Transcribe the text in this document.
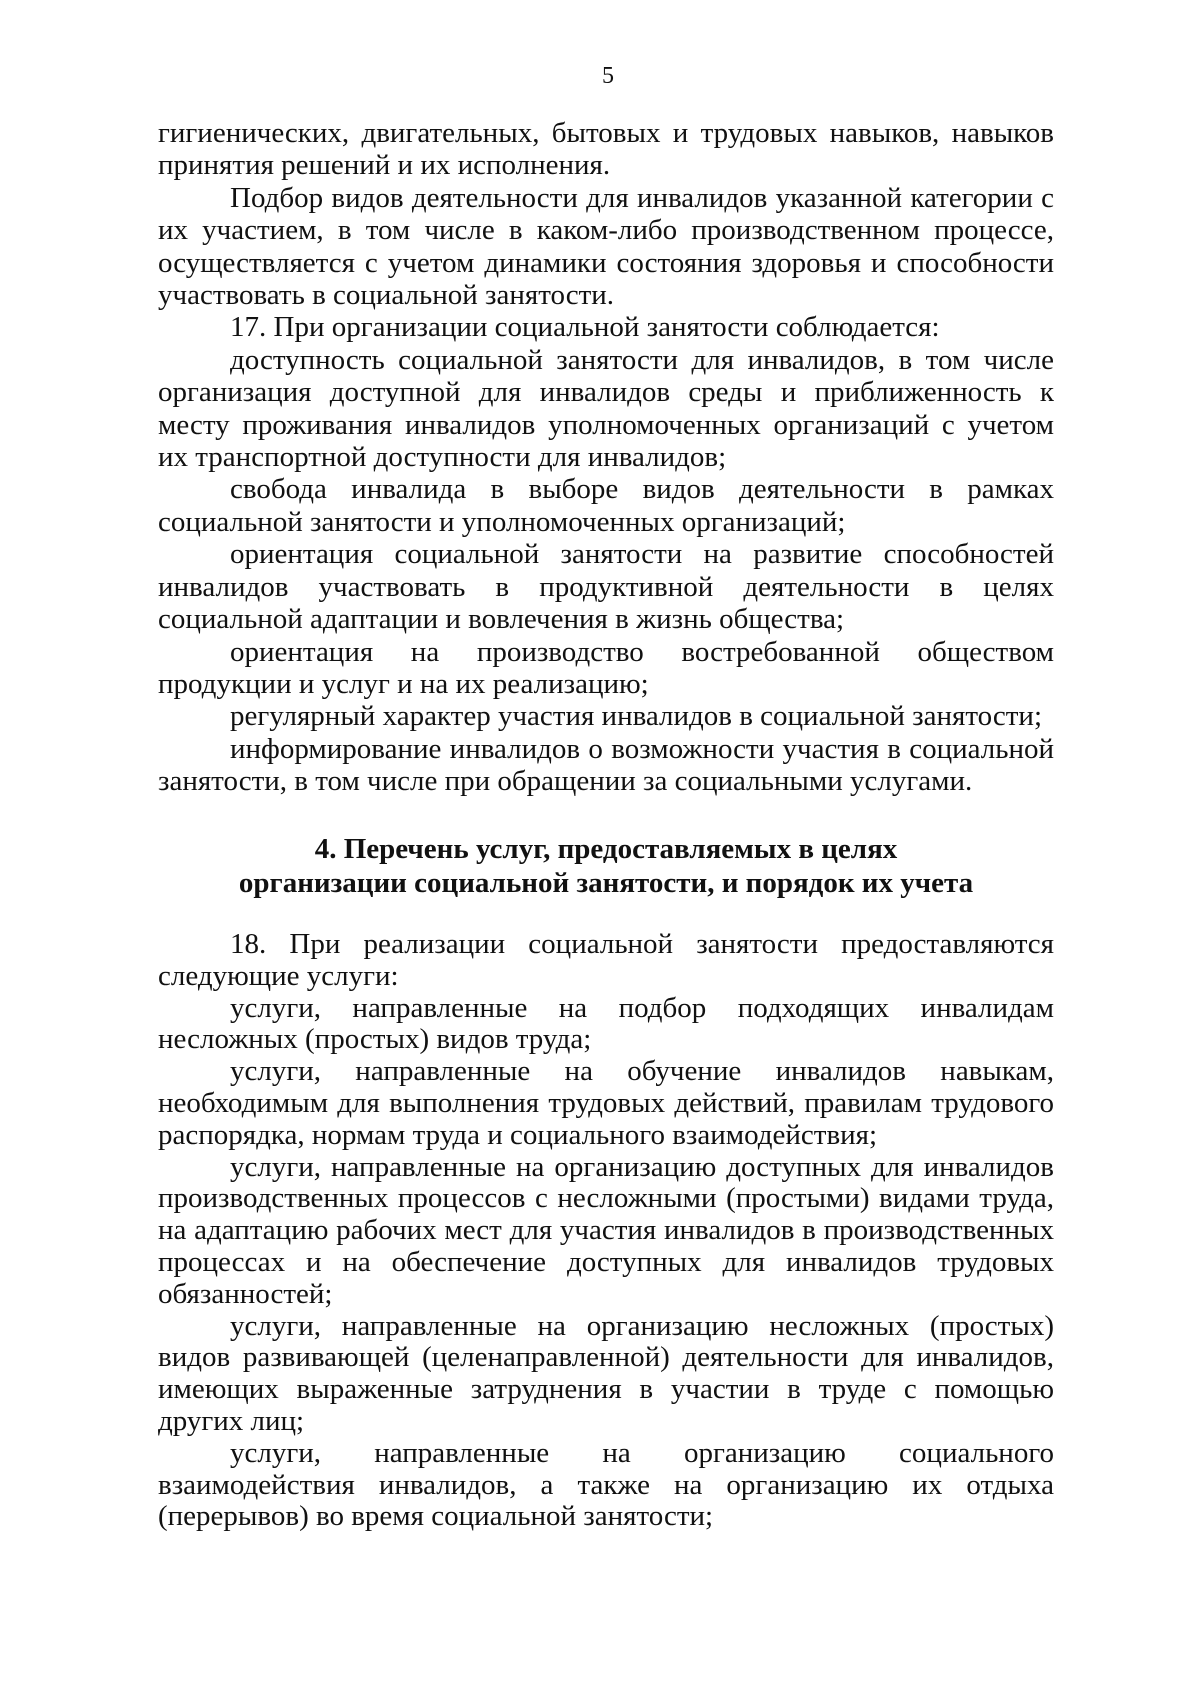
5

гигиенических, двигательных, бытовых и трудовых навыков, навыков принятия решений и их исполнения.

Подбор видов деятельности для инвалидов указанной категории с их участием, в том числе в каком-либо производственном процессе, осуществляется с учетом динамики состояния здоровья и способности участвовать в социальной занятости.

17. При организации социальной занятости соблюдается:

доступность социальной занятости для инвалидов, в том числе организация доступной для инвалидов среды и приближенность к месту проживания инвалидов уполномоченных организаций с учетом их транспортной доступности для инвалидов;

свобода инвалида в выборе видов деятельности в рамках социальной занятости и уполномоченных организаций;

ориентация социальной занятости на развитие способностей инвалидов участвовать в продуктивной деятельности в целях социальной адаптации и вовлечения в жизнь общества;

ориентация на производство востребованной обществом продукции и услуг и на их реализацию;

регулярный характер участия инвалидов в социальной занятости;

информирование инвалидов о возможности участия в социальной занятости, в том числе при обращении за социальными услугами.

4. Перечень услуг, предоставляемых в целях

организации социальной занятости, и порядок их учета

18. При реализации социальной занятости предоставляются следующие услуги:

услуги, направленные на подбор подходящих инвалидам несложных (простых) видов труда;

услуги, направленные на обучение инвалидов навыкам, необходимым для выполнения трудовых действий, правилам трудового распорядка, нормам труда и социального взаимодействия;

услуги, направленные на организацию доступных для инвалидов производственных процессов с несложными (простыми) видами труда, на адаптацию рабочих мест для участия инвалидов в производственных процессах и на обеспечение доступных для инвалидов трудовых обязанностей;

услуги, направленные на организацию несложных (простых) видов развивающей (целенаправленной) деятельности для инвалидов, имеющих выраженные затруднения в участии в труде с помощью других лиц;

услуги, направленные на организацию социального взаимодействия инвалидов, а также на организацию их отдыха (перерывов) во время социальной занятости;
